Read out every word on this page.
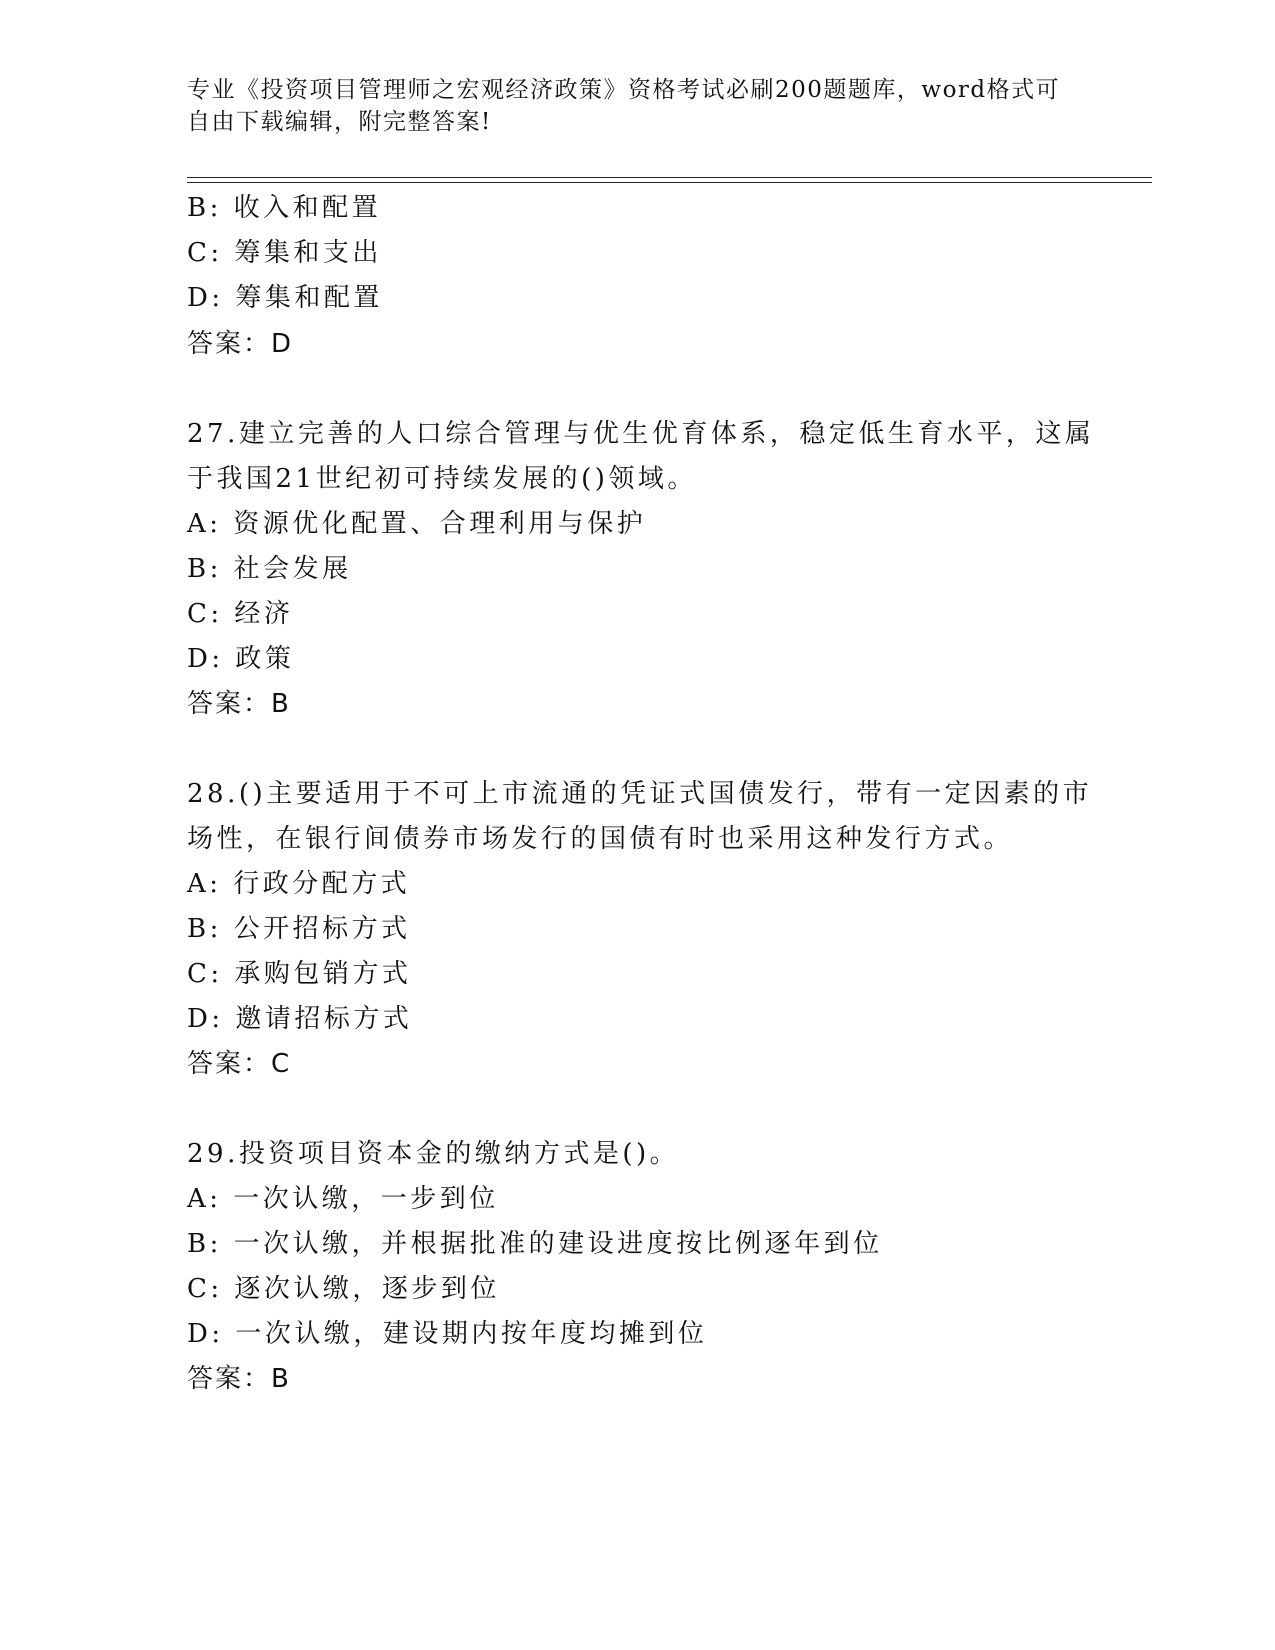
专业《投资项目管理师之宏观经济政策》资格考试必刷200题题库，word格式可
自由下载编辑，附完整答案!
B: 收入和配置
C: 筹集和支出
D: 筹集和配置
答案：D
27.建立完善的人口综合管理与优生优育体系，稳定低生育水平，这属
于我国21世纪初可持续发展的()领域。
A: 资源优化配置、合理利用与保护
B: 社会发展
C: 经济
D: 政策
答案：B
28.()主要适用于不可上市流通的凭证式国债发行，带有一定因素的市
场性，在银行间债券市场发行的国债有时也采用这种发行方式。
A: 行政分配方式
B: 公开招标方式
C: 承购包销方式
D: 邀请招标方式
答案：C
29.投资项目资本金的缴纳方式是()。
A: 一次认缴，一步到位
B: 一次认缴，并根据批准的建设进度按比例逐年到位
C: 逐次认缴，逐步到位
D: 一次认缴，建设期内按年度均摊到位
答案：B
